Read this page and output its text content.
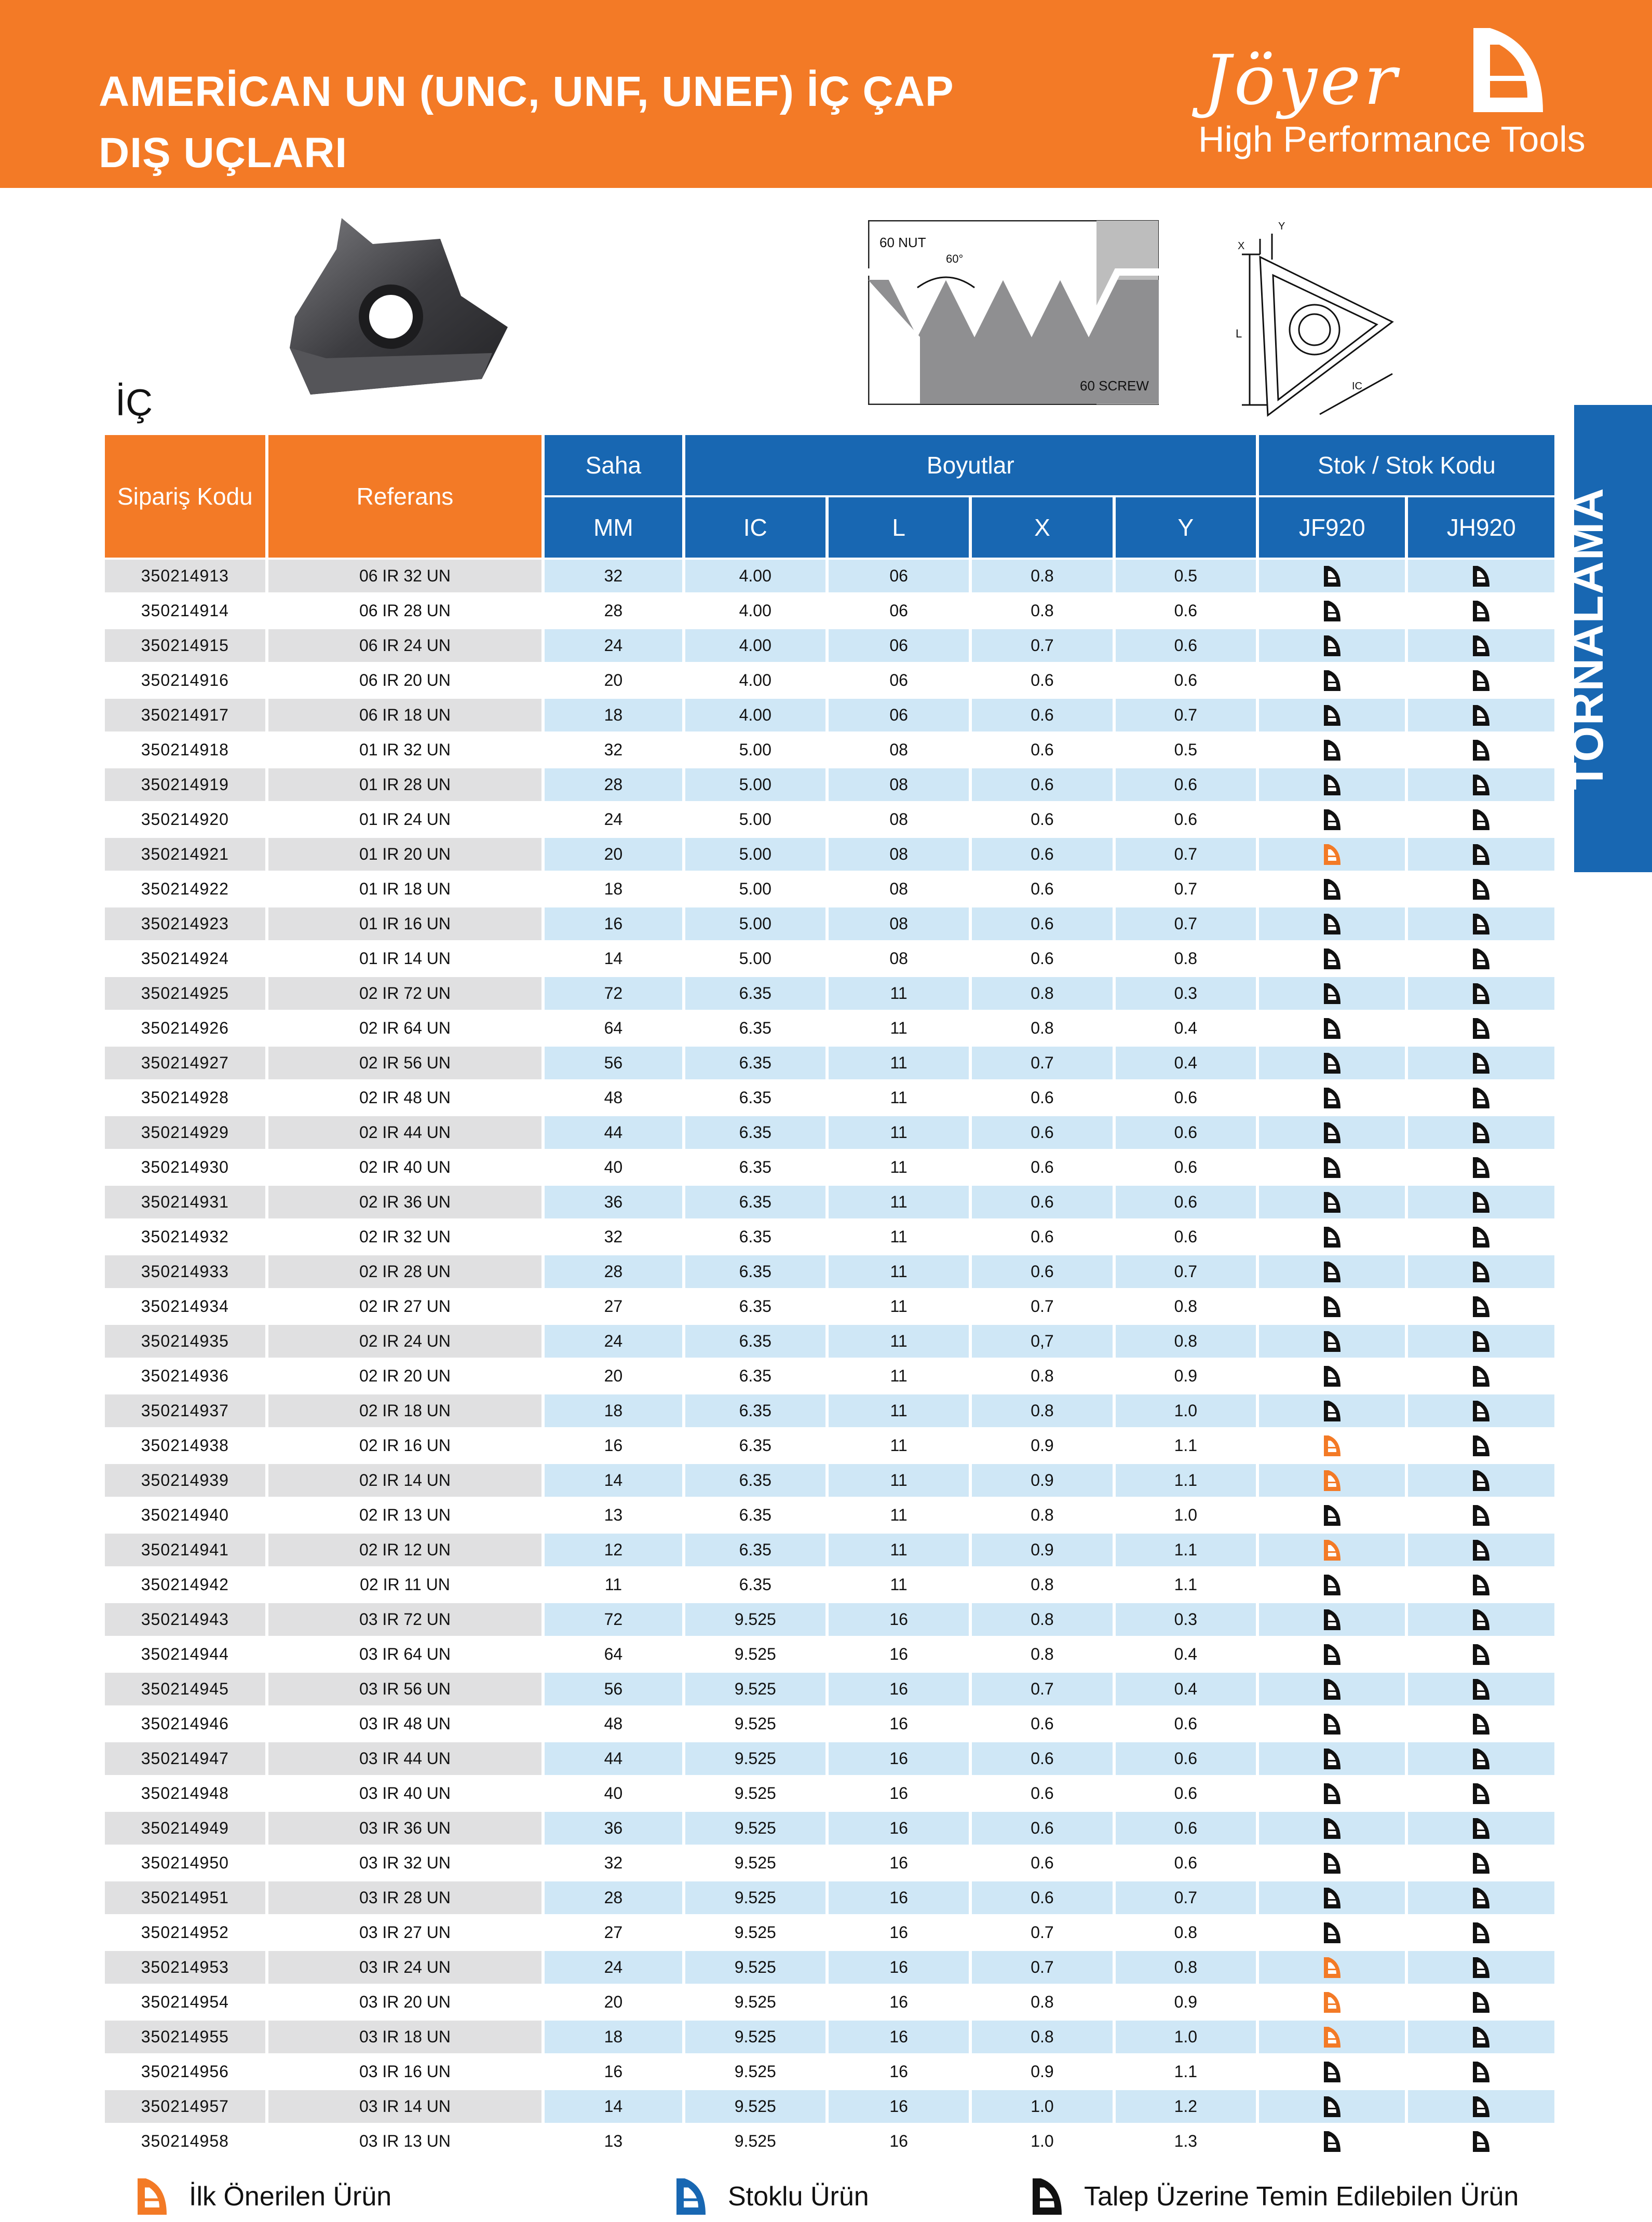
AMERİCAN UN (UNC, UNF, UNEF) İÇ ÇAP
DIŞ UÇLARI
Jöyer
High Performance Tools
TORNALAMA
İÇ
60 NUT
60°
60 SCREW
X
Y
L
IC
Sipariş Kodu	Referans	Saha	Boyutlar				Stok / Stok Kodu	
		MM	IC	L	X	Y	JF920	JH920
350214913	06 IR 32 UN	32	4.00	06	0.8	0.5	

350214914	06 IR 28 UN	28	4.00	06	0.8	0.6	

350214915	06 IR 24 UN	24	4.00	06	0.7	0.6	

350214916	06 IR 20 UN	20	4.00	06	0.6	0.6	

350214917	06 IR 18 UN	18	4.00	06	0.6	0.7	

350214918	01 IR 32 UN	32	5.00	08	0.6	0.5	

350214919	01 IR 28 UN	28	5.00	08	0.6	0.6	

350214920	01 IR 24 UN	24	5.00	08	0.6	0.6	

350214921	01 IR 20 UN	20	5.00	08	0.6	0.7	

350214922	01 IR 18 UN	18	5.00	08	0.6	0.7	

350214923	01 IR 16 UN	16	5.00	08	0.6	0.7	

350214924	01 IR 14 UN	14	5.00	08	0.6	0.8	

350214925	02 IR 72 UN	72	6.35	11	0.8	0.3	

350214926	02 IR 64 UN	64	6.35	11	0.8	0.4	

350214927	02 IR 56 UN	56	6.35	11	0.7	0.4	

350214928	02 IR 48 UN	48	6.35	11	0.6	0.6	

350214929	02 IR 44 UN	44	6.35	11	0.6	0.6	

350214930	02 IR 40 UN	40	6.35	11	0.6	0.6	

350214931	02 IR 36 UN	36	6.35	11	0.6	0.6	

350214932	02 IR 32 UN	32	6.35	11	0.6	0.6	

350214933	02 IR 28 UN	28	6.35	11	0.6	0.7	

350214934	02 IR 27 UN	27	6.35	11	0.7	0.8	

350214935	02 IR 24 UN	24	6.35	11	0,7	0.8	

350214936	02 IR 20 UN	20	6.35	11	0.8	0.9	

350214937	02 IR 18 UN	18	6.35	11	0.8	1.0	

350214938	02 IR 16 UN	16	6.35	11	0.9	1.1	

350214939	02 IR 14 UN	14	6.35	11	0.9	1.1	

350214940	02 IR 13 UN	13	6.35	11	0.8	1.0	

350214941	02 IR 12 UN	12	6.35	11	0.9	1.1	

350214942	02 IR 11 UN	11	6.35	11	0.8	1.1	

350214943	03 IR 72 UN	72	9.525	16	0.8	0.3	

350214944	03 IR 64 UN	64	9.525	16	0.8	0.4	

350214945	03 IR 56 UN	56	9.525	16	0.7	0.4	

350214946	03 IR 48 UN	48	9.525	16	0.6	0.6	

350214947	03 IR 44 UN	44	9.525	16	0.6	0.6	

350214948	03 IR 40 UN	40	9.525	16	0.6	0.6	

350214949	03 IR 36 UN	36	9.525	16	0.6	0.6	

350214950	03 IR 32 UN	32	9.525	16	0.6	0.6	

350214951	03 IR 28 UN	28	9.525	16	0.6	0.7	

350214952	03 IR 27 UN	27	9.525	16	0.7	0.8	

350214953	03 IR 24 UN	24	9.525	16	0.7	0.8	

350214954	03 IR 20 UN	20	9.525	16	0.8	0.9	

350214955	03 IR 18 UN	18	9.525	16	0.8	1.0	

350214956	03 IR 16 UN	16	9.525	16	0.9	1.1	

350214957	03 IR 14 UN	14	9.525	16	1.0	1.2	

350214958	03 IR 13 UN	13	9.525	16	1.0	1.3	

İlk Önerilen Ürün	Stoklu Ürün	Talep Üzerine Temin Edilebilen Ürün
